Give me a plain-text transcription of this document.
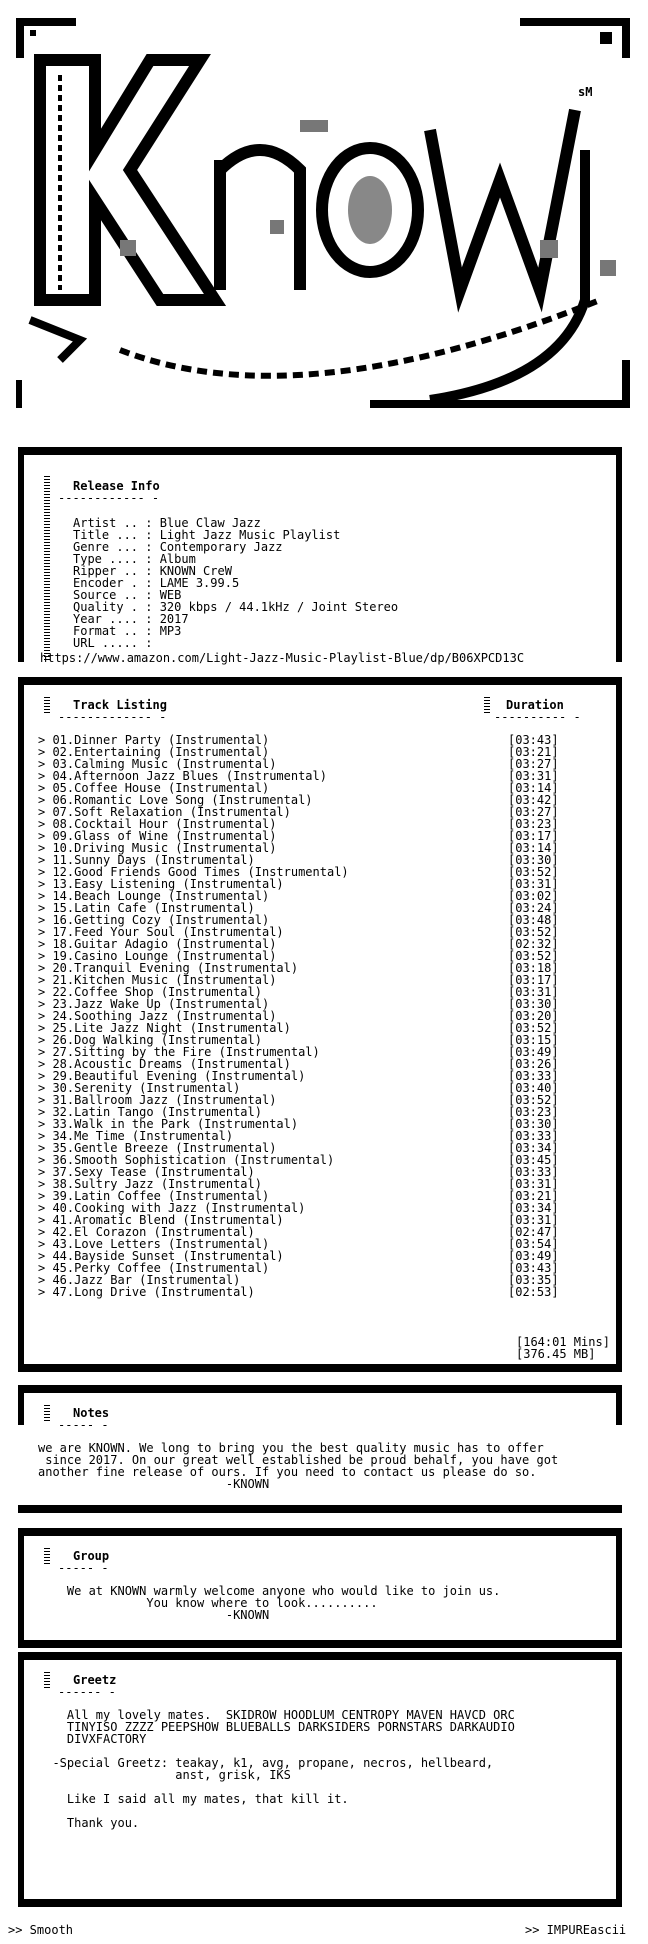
sM
Release Info
------------ -
Artist .. : Blue Claw Jazz
Title ... : Light Jazz Music Playlist
Genre ... : Contemporary Jazz
Type .... : Album
Ripper .. : KNOWN CreW
Encoder . : LAME 3.99.5
Source .. : WEB
Quality . : 320 kbps / 44.1kHz / Joint Stereo
Year .... : 2017
Format .. : MP3
URL ..... :
https://www.amazon.com/Light-Jazz-Music-Playlist-Blue/dp/B06XPCD13C
Track Listing
------------- -
Duration
---------- -
> 01.Dinner Party (Instrumental)	[03:43]
> 02.Entertaining (Instrumental)	[03:21]
> 03.Calming Music (Instrumental)	[03:27]
> 04.Afternoon Jazz Blues (Instrumental)	[03:31]
> 05.Coffee House (Instrumental)	[03:14]
> 06.Romantic Love Song (Instrumental)	[03:42]
> 07.Soft Relaxation (Instrumental)	[03:27]
> 08.Cocktail Hour (Instrumental)	[03:23]
> 09.Glass of Wine (Instrumental)	[03:17]
> 10.Driving Music (Instrumental)	[03:14]
> 11.Sunny Days (Instrumental)	[03:30]
> 12.Good Friends Good Times (Instrumental)	[03:52]
> 13.Easy Listening (Instrumental)	[03:31]
> 14.Beach Lounge (Instrumental)	[03:02]
> 15.Latin Cafe (Instrumental)	[03:24]
> 16.Getting Cozy (Instrumental)	[03:48]
> 17.Feed Your Soul (Instrumental)	[03:52]
> 18.Guitar Adagio (Instrumental)	[02:32]
> 19.Casino Lounge (Instrumental)	[03:52]
> 20.Tranquil Evening (Instrumental)	[03:18]
> 21.Kitchen Music (Instrumental)	[03:17]
> 22.Coffee Shop (Instrumental)	[03:31]
> 23.Jazz Wake Up (Instrumental)	[03:30]
> 24.Soothing Jazz (Instrumental)	[03:20]
> 25.Lite Jazz Night (Instrumental)	[03:52]
> 26.Dog Walking (Instrumental)	[03:15]
> 27.Sitting by the Fire (Instrumental)	[03:49]
> 28.Acoustic Dreams (Instrumental)	[03:26]
> 29.Beautiful Evening (Instrumental)	[03:33]
> 30.Serenity (Instrumental)	[03:40]
> 31.Ballroom Jazz (Instrumental)	[03:52]
> 32.Latin Tango (Instrumental)	[03:23]
> 33.Walk in the Park (Instrumental)	[03:30]
> 34.Me Time (Instrumental)	[03:33]
> 35.Gentle Breeze (Instrumental)	[03:34]
> 36.Smooth Sophistication (Instrumental)	[03:45]
> 37.Sexy Tease (Instrumental)	[03:33]
> 38.Sultry Jazz (Instrumental)	[03:31]
> 39.Latin Coffee (Instrumental)	[03:21]
> 40.Cooking with Jazz (Instrumental)	[03:34]
> 41.Aromatic Blend (Instrumental)	[03:31]
> 42.El Corazon (Instrumental)	[02:47]
> 43.Love Letters (Instrumental)	[03:54]
> 44.Bayside Sunset (Instrumental)	[03:49]
> 45.Perky Coffee (Instrumental)	[03:43]
> 46.Jazz Bar (Instrumental)	[03:35]
> 47.Long Drive (Instrumental)	[02:53]
[164:01 Mins]
[376.45 MB]
Notes
----- -
we are KNOWN. We long to bring you the best quality music has to offer
since 2017. On our great well established be proud behalf, you have got
another fine release of ours. If you need to contact us please do so.
-KNOWN
Group
----- -
We at KNOWN warmly welcome anyone who would like to join us.
You know where to look..........
-KNOWN
Greetz
------ -
All my lovely mates.  SKIDROW HOODLUM CENTROPY MAVEN HAVCD ORC
TINYISO ZZZZ PEEPSHOW BLUEBALLS DARKSIDERS PORNSTARS DARKAUDIO
DIVXFACTORY
-Special Greetz: teakay, k1, avg, propane, necros, hellbeard,
anst, grisk, IKS
Like I said all my mates, that kill it.
Thank you.
>> Smooth	>> IMPUREascii
